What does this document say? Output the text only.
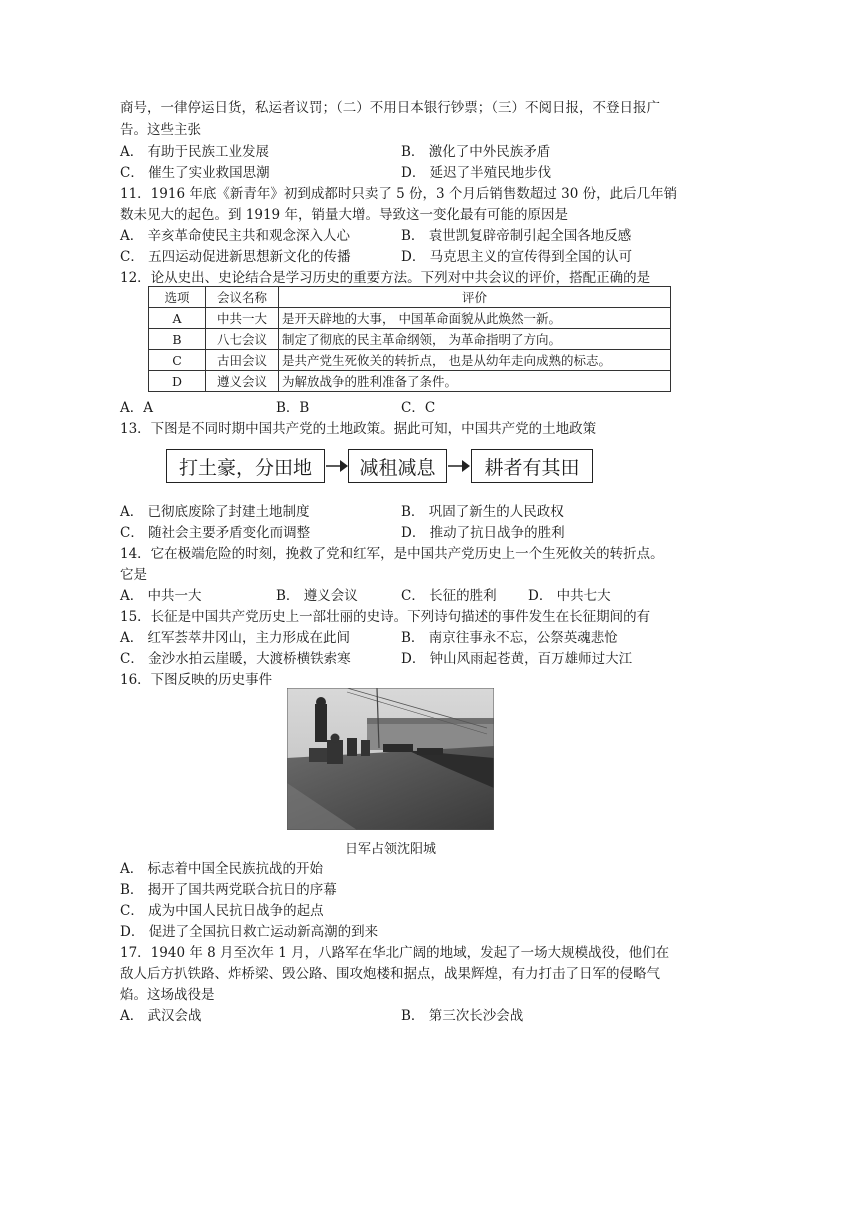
商号，一律停运日货，私运者议罚；（二）不用日本银行钞票；（三）不阅日报，不登日报广
告。这些主张
A． 有助于民族工业发展	B． 激化了中外民族矛盾
C． 催生了实业救国思潮	D． 延迟了半殖民地步伐
11．1916 年底《新青年》初到成都时只卖了 5 份，3 个月后销售数超过 30 份，此后几年销
数未见大的起色。到 1919 年，销量大增。导致这一变化最有可能的原因是
A． 辛亥革命使民主共和观念深入人心	B． 袁世凯复辟帝制引起全国各地反感
C． 五四运动促进新思想新文化的传播	D． 马克思主义的宣传得到全国的认可
12．论从史出、史论结合是学习历史的重要方法。下列对中共会议的评价，搭配正确的是
选项	会议名称	评价
A	中共一大	是开天辟地的大事， 中国革命面貌从此焕然一新。
B	八七会议	制定了彻底的民主革命纲领， 为革命指明了方向。
C	古田会议	是共产党生死攸关的转折点， 也是从幼年走向成熟的标志。
D	遵义会议	为解放战争的胜利准备了条件。
A．A	B．B	C．C
13．下图是不同时期中国共产党的土地政策。据此可知，中国共产党的土地政策
打土豪，分田地	减租减息	耕者有其田
A． 已彻底废除了封建土地制度	B． 巩固了新生的人民政权
C． 随社会主要矛盾变化而调整	D． 推动了抗日战争的胜利
14．它在极端危险的时刻，挽救了党和红军，是中国共产党历史上一个生死攸关的转折点。
它是
A． 中共一大	B． 遵义会议	C． 长征的胜利 D． 中共七大
15．长征是中国共产党历史上一部壮丽的史诗。下列诗句描述的事件发生在长征期间的有
A． 红军荟萃井冈山，主力形成在此间	B． 南京往事永不忘，公祭英魂悲怆
C． 金沙水拍云崖暖，大渡桥横铁索寒	D． 钟山风雨起苍黄，百万雄师过大江
16．下图反映的历史事件
日军占领沈阳城
A． 标志着中国全民族抗战的开始
B． 揭开了国共两党联合抗日的序幕
C． 成为中国人民抗日战争的起点
D． 促进了全国抗日救亡运动新高潮的到来
17．1940 年 8 月至次年 1 月，八路军在华北广阔的地域，发起了一场大规模战役，他们在
敌人后方扒铁路、炸桥梁、毁公路、围攻炮楼和据点，战果辉煌，有力打击了日军的侵略气
焰。这场战役是
A． 武汉会战	B． 第三次长沙会战
